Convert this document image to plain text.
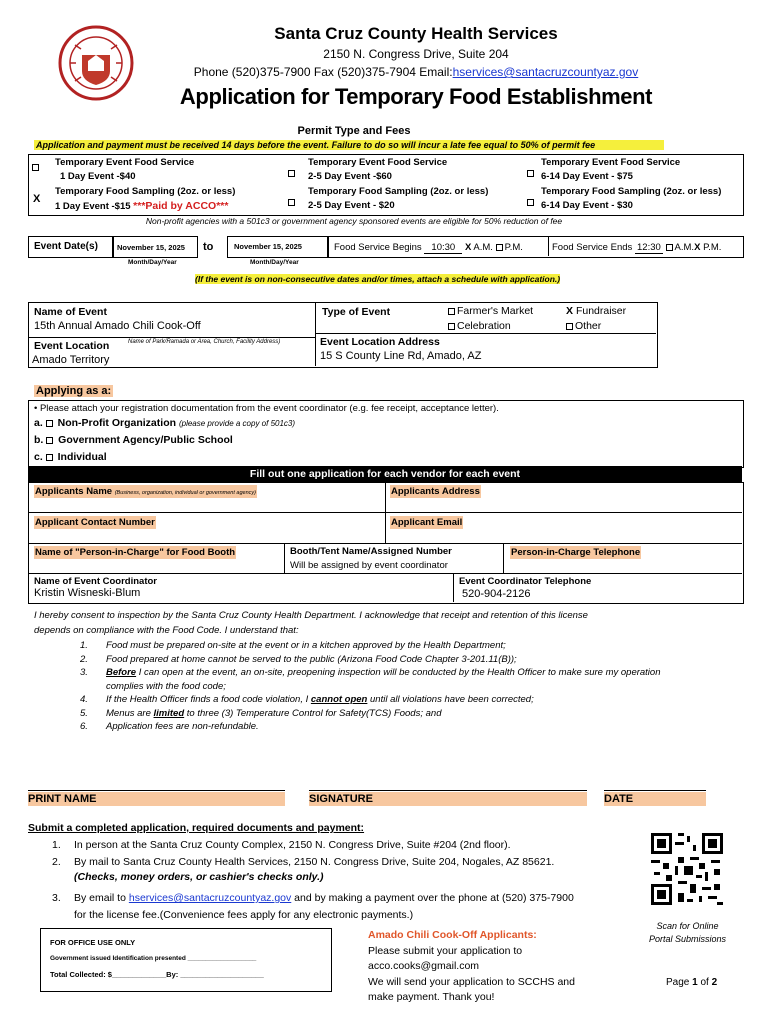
Santa Cruz County Health Services
2150 N. Congress Drive, Suite 204
Phone (520)375-7900 Fax (520)375-7904 Email:hservices@santacruzcountyaz.gov
Application for Temporary Food Establishment
Permit Type and Fees
Application and payment must be received 14 days before the event. Failure to do so will incur a late fee equal to 50% of permit fee
Temporary Event Food Service
1 Day Event -$40
X
Temporary Food Sampling (2oz. or less)
1 Day Event -$15 ***Paid by ACCO***
Temporary Event Food Service
2-5 Day Event -$60
Temporary Food Sampling (2oz. or less)
2-5 Day Event - $20
Temporary Event Food Service
6-14 Day Event - $75
Temporary Food Sampling (2oz. or less)
6-14 Day Event - $30
Non-profit agencies with a 501c3 or government agency sponsored events are eligible for 50% reduction of fee
Event Date(s)	November 15, 2025 to	November 15, 2025
Month/Day/Year	Month/Day/Year
Food Service Begins 10:30 X A.M. P.M.	Food Service Ends 12:30 A.M.X P.M.
(If the event is on non-consecutive dates and/or times, attach a schedule with application.)
Name of Event
15th Annual Amado Chili Cook-Off
Type of Event	Farmer's Market
Celebration
X Fundraiser
Other
Event Location	Name of Park/Ramada or Area, Church, Facility Address)
Amado Territory
Event Location Address
15 S County Line Rd, Amado, AZ
Applying as a:
• Please attach your registration documentation from the event coordinator (e.g. fee receipt, acceptance letter).
a.  Non-Profit Organization (please provide a copy of 501c3)
b.  Government Agency/Public School
c.  Individual
Fill out one application for each vendor for each event
Applicants Name (Business, organization, individual or government agency)	Applicants Address
Applicant Contact Number	Applicant Email
Name of "Person-in-Charge" for Food Booth	Booth/Tent Name/Assigned Number
Will be assigned by event coordinator
Person-in-Charge Telephone
Name of Event Coordinator
Kristin Wisneski-Blum
Event Coordinator Telephone
520-904-2126
I hereby consent to inspection by the Santa Cruz County Health Department. I acknowledge that receipt and retention of this license
depends on compliance with the Food Code. I understand that:
1. Food must be prepared on-site at the event or in a kitchen approved by the Health Department;
2. Food prepared at home cannot be served to the public (Arizona Food Code Chapter 3-201.11(B));
3. Before I can open at the event, an on-site, preopening inspection will be conducted by the Health Officer to make sure my operation
complies with the food code;
4. If the Health Officer finds a food code violation, I cannot open until all violations have been corrected;
5. Menus are limited to three (3) Temperature Control for Safety(TCS) Foods; and
6. Application fees are non-refundable.
PRINT NAME	SIGNATURE	DATE
Submit a completed application, required documents and payment:
1. In person at the Santa Cruz County Complex, 2150 N. Congress Drive, Suite #204 (2nd floor).
2. By mail to Santa Cruz County Health Services, 2150 N. Congress Drive, Suite 204, Nogales, AZ 85621.
(Checks, money orders, or cashier's checks only.)
3. By email to hservices@santacruzcountyaz.gov and by making a payment over the phone at (520) 375-7900
for the license fee.(Convenience fees apply for any electronic payments.)
Scan for Online
Portal Submissions
FOR OFFICE USE ONLY
Government issued Identification presented ___________________
Total Collected: $_____________By: ____________________
Amado Chili Cook-Off Applicants:
Please submit your application to
acco.cooks@gmail.com
We will send your application to SCCHS and
make payment. Thank you!
Page 1 of 2
